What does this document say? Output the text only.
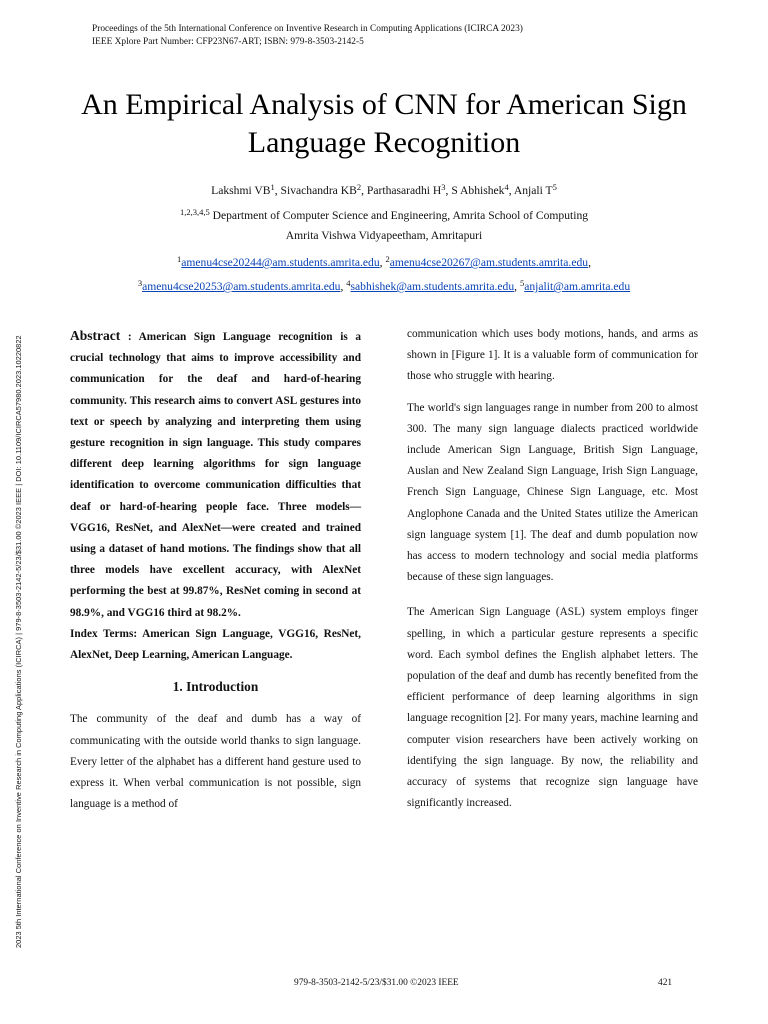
Proceedings of the 5th International Conference on Inventive Research in Computing Applications (ICIRCA 2023)
IEEE Xplore Part Number: CFP23N67-ART; ISBN: 979-8-3503-2142-5
2023 5th International Conference on Inventive Research in Computing Applications (ICIRCA) | 979-8-3503-2142-5/23/$31.00 ©2023 IEEE | DOI: 10.1109/ICIRCA57980.2023.10220822
An Empirical Analysis of CNN for American Sign Language Recognition
Lakshmi $VB^1$, Sivachandra $KB^2$, Parthasaradhi $H^3$, S Abhishek$^4$, Anjali $T^5$
$^{1,2,3,4,5}$ Department of Computer Science and Engineering, Amrita School of Computing
Amrita Vishwa Vidyapeetham, Amritapuri
$^1$amenu4cse20244@am.students.amrita.edu, $^2$amenu4cse20267@am.students.amrita.edu,
$^3$amenu4cse20253@am.students.amrita.edu, $^4$sabhishek@am.students.amrita.edu, $^5$anjalit@am.amrita.edu

Abstract : American Sign Language recognition is a crucial technology that aims to improve accessibility and communication for the deaf and hard-of-hearing community. This research aims to convert ASL gestures into text or speech by analyzing and interpreting them using gesture recognition in sign language. This study compares different deep learning algorithms for sign language identification to overcome communication difficulties that deaf or hard-of-hearing people face. Three models—VGG16, ResNet, and AlexNet—were created and trained using a dataset of hand motions. The findings show that all three models have excellent accuracy, with AlexNet performing the best at 99.87%, ResNet coming in second at 98.9%, and VGG16 third at 98.2%.

Index Terms: American Sign Language, VGG16, ResNet, AlexNet, Deep Learning, American Language.

1. Introduction

The community of the deaf and dumb has a way of communicating with the outside world thanks to sign language. Every letter of the alphabet has a different hand gesture used to express it. When verbal communication is not possible, sign language is a method of

communication which uses body motions, hands, and arms as shown in [Figure 1]. It is a valuable form of communication for those who struggle with hearing.

The world's sign languages range in number from 200 to almost 300. The many sign language dialects practiced worldwide include American Sign Language, British Sign Language, Auslan and New Zealand Sign Language, Irish Sign Language, French Sign Language, Chinese Sign Language, etc. Most Anglophone Canada and the United States utilize the American sign language system [1]. The deaf and dumb population now has access to modern technology and social media platforms because of these sign languages.

The American Sign Language (ASL) system employs finger spelling, in which a particular gesture represents a specific word. Each symbol defines the English alphabet letters. The population of the deaf and dumb has recently benefited from the efficient performance of deep learning algorithms in sign language recognition [2]. For many years, machine learning and computer vision researchers have been actively working on identifying the sign language. By now, the reliability and accuracy of systems that recognize sign language have significantly increased.

979-8-3503-2142-5/23/$31.00 ©2023 IEEE	421
